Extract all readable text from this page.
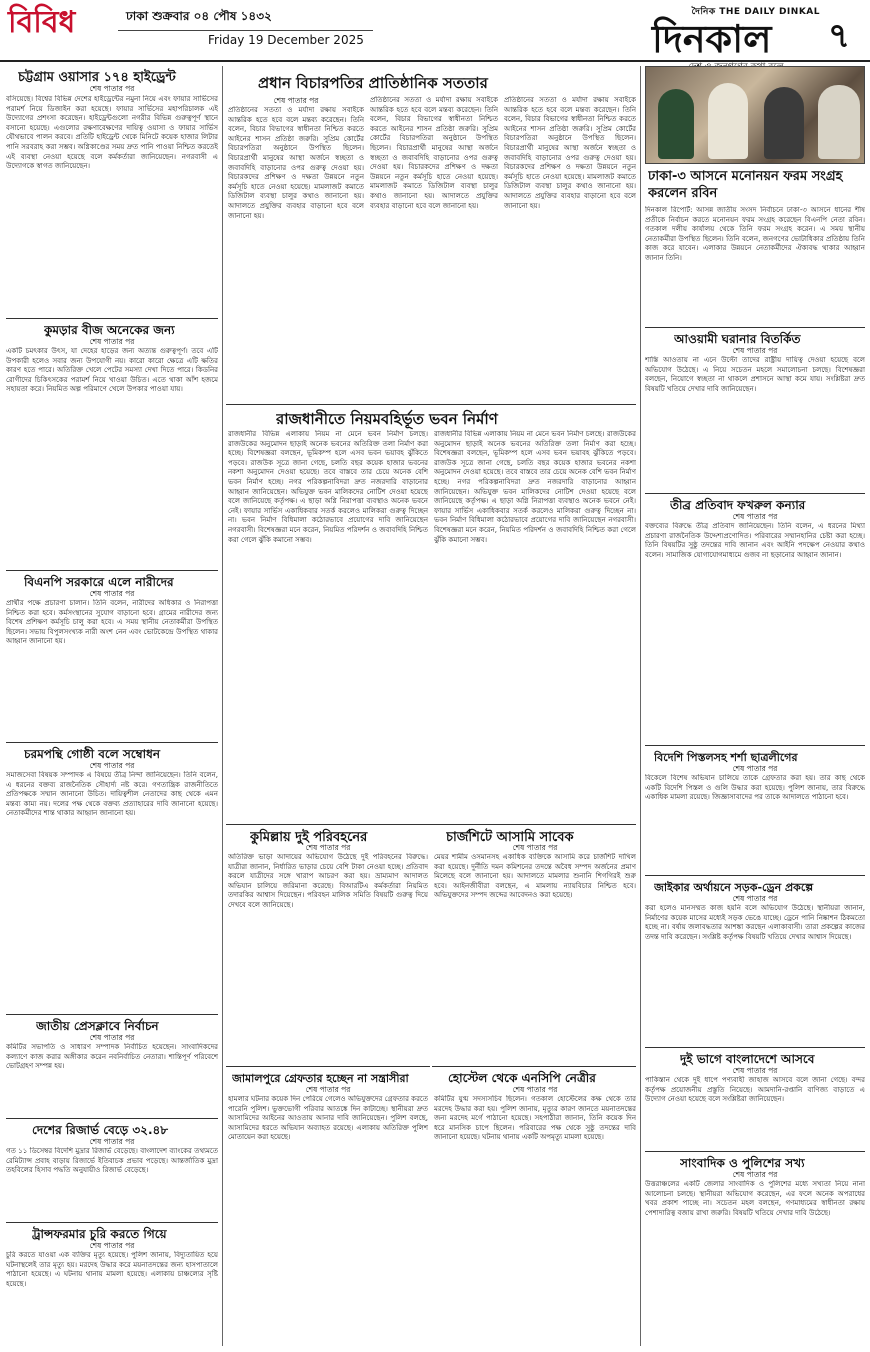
বিবিধ	ঢাকা শুক্রবার ০৪ পৌষ ১৪৩২
Friday 19 December 2025
দৈনিক THE DAILY DINKAL
দিনকাল	৭
চট্টগ্রাম ওয়াসার ১৭৪ হাইড্রেন্ট
শেষ পাতার পর
বসিয়েছে। বিশ্বের বিভিন্ন দেশের হাইড্রেন্টের নমুনা নিয়ে এবং ফায়ার সার্ভিসের পরামর্শ নিয়ে ডিজাইন করা হয়েছে। ফায়ার সার্ভিসের মহাপরিচালক এই উদ্যোগের প্রশংসা করেছেন। হাইড্রেন্টগুলো নগরীর বিভিন্ন গুরুত্বপূর্ণ স্থানে বসানো হয়েছে। এগুলোর রক্ষণাবেক্ষণের দায়িত্ব ওয়াসা ও ফায়ার সার্ভিস যৌথভাবে পালন করবে। প্রতিটি হাইড্রেন্ট থেকে মিনিটে কয়েক হাজার লিটার পানি সরবরাহ করা সম্ভব। অগ্নিকাণ্ডের সময় দ্রুত পানি পাওয়া নিশ্চিত করতেই এই ব্যবস্থা নেওয়া হয়েছে বলে কর্মকর্তারা জানিয়েছেন। নগরবাসী এ উদ্যোগকে স্বাগত জানিয়েছেন।
কুমড়ার বীজ অনেকের জন্য
শেষ পাতার পর
একটি চমৎকার উৎস, যা দেহের হাড়ের জন্য অত্যন্ত গুরুত্বপূর্ণ। তবে এটি উপকারী হলেও সবার জন্য উপযোগী নয়। কারো কারো ক্ষেত্রে এটি ক্ষতির কারণ হতে পারে। অতিরিক্ত খেলে পেটের সমস্যা দেখা দিতে পারে। কিডনির রোগীদের চিকিৎসকের পরামর্শ নিয়ে খাওয়া উচিত। এতে থাকা আঁশ হজমে সহায়তা করে। নিয়মিত অল্প পরিমাণে খেলে উপকার পাওয়া যায়।
বিএনপি সরকারে এলে নারীদের
শেষ পাতার পর
প্রার্থীর পক্ষে প্রচারণা চালান। তিনি বলেন, নারীদের অধিকার ও নিরাপত্তা নিশ্চিত করা হবে। কর্মসংস্থানের সুযোগ বাড়ানো হবে। গ্রামের নারীদের জন্য বিশেষ প্রশিক্ষণ কর্মসূচি চালু করা হবে। এ সময় স্থানীয় নেতাকর্মীরা উপস্থিত ছিলেন। সভায় বিপুলসংখ্যক নারী অংশ নেন এবং ভোটকেন্দ্রে উপস্থিত থাকার আহ্বান জানানো হয়।
চরমপন্থি গোষ্ঠী বলে সম্বোধন
শেষ পাতার পর
সমাজসেবা বিষয়ক সম্পাদক এ বিষয়ে তীব্র নিন্দা জানিয়েছেন। তিনি বলেন, এ ধরনের বক্তব্য রাজনৈতিক সৌহার্দ্য নষ্ট করে। গণতান্ত্রিক রাজনীতিতে প্রতিপক্ষকে সম্মান জানানো উচিত। দায়িত্বশীল নেতাদের কাছ থেকে এমন মন্তব্য কাম্য নয়। দলের পক্ষ থেকে বক্তব্য প্রত্যাহারের দাবি জানানো হয়েছে। নেতাকর্মীদের শান্ত থাকার আহ্বান জানানো হয়।
জাতীয় প্রেসক্লাবে নির্বাচন
শেষ পাতার পর
কমিটির সভাপতি ও সাধারণ সম্পাদক নির্বাচিত হয়েছেন। সাংবাদিকদের কল্যাণে কাজ করার অঙ্গীকার করেন নবনির্বাচিত নেতারা। শান্তিপূর্ণ পরিবেশে ভোটগ্রহণ সম্পন্ন হয়।
দেশের রিজার্ভ বেড়ে ৩২.৪৮
শেষ পাতার পর
গত ১১ ডিসেম্বর বিদেশি মুদ্রার রিজার্ভ বেড়েছে। বাংলাদেশ ব্যাংকের তথ্যমতে রেমিট্যান্স প্রবাহ বাড়ায় রিজার্ভে ইতিবাচক প্রভাব পড়েছে। আন্তর্জাতিক মুদ্রা তহবিলের হিসাব পদ্ধতি অনুযায়ীও রিজার্ভ বেড়েছে।
ট্রান্সফরমার চুরি করতে গিয়ে
শেষ পাতার পর
চুরি করতে যাওয়া এক ব্যক্তির মৃত্যু হয়েছে। পুলিশ জানায়, বিদ্যুতায়িত হয়ে ঘটনাস্থলেই তার মৃত্যু হয়। মরদেহ উদ্ধার করে ময়নাতদন্তের জন্য হাসপাতালে পাঠানো হয়েছে। এ ঘটনায় থানায় মামলা হয়েছে। এলাকায় চাঞ্চল্যের সৃষ্টি হয়েছে।
প্রধান বিচারপতির প্রাতিষ্ঠানিক সততার
শেষ পাতার পর
প্রতিষ্ঠানের সততা ও মর্যাদা রক্ষায় সবাইকে আন্তরিক হতে হবে বলে মন্তব্য করেছেন। তিনি বলেন, বিচার বিভাগের স্বাধীনতা নিশ্চিত করতে আইনের শাসন প্রতিষ্ঠা জরুরি। সুপ্রিম কোর্টের বিচারপতিরা অনুষ্ঠানে উপস্থিত ছিলেন। বিচারপ্রার্থী মানুষের আস্থা অর্জনে স্বচ্ছতা ও জবাবদিহি বাড়ানোর ওপর গুরুত্ব দেওয়া হয়। বিচারকদের প্রশিক্ষণ ও দক্ষতা উন্নয়নে নতুন কর্মসূচি হাতে নেওয়া হয়েছে। মামলাজট কমাতে ডিজিটাল ব্যবস্থা চালুর কথাও জানানো হয়। আদালতে প্রযুক্তির ব্যবহার বাড়ানো হবে বলে জানানো হয়।
প্রতিষ্ঠানের সততা ও মর্যাদা রক্ষায় সবাইকে আন্তরিক হতে হবে বলে মন্তব্য করেছেন। তিনি বলেন, বিচার বিভাগের স্বাধীনতা নিশ্চিত করতে আইনের শাসন প্রতিষ্ঠা জরুরি। সুপ্রিম কোর্টের বিচারপতিরা অনুষ্ঠানে উপস্থিত ছিলেন। বিচারপ্রার্থী মানুষের আস্থা অর্জনে স্বচ্ছতা ও জবাবদিহি বাড়ানোর ওপর গুরুত্ব দেওয়া হয়। বিচারকদের প্রশিক্ষণ ও দক্ষতা উন্নয়নে নতুন কর্মসূচি হাতে নেওয়া হয়েছে। মামলাজট কমাতে ডিজিটাল ব্যবস্থা চালুর কথাও জানানো হয়। আদালতে প্রযুক্তির ব্যবহার বাড়ানো হবে বলে জানানো হয়।
প্রতিষ্ঠানের সততা ও মর্যাদা রক্ষায় সবাইকে আন্তরিক হতে হবে বলে মন্তব্য করেছেন। তিনি বলেন, বিচার বিভাগের স্বাধীনতা নিশ্চিত করতে আইনের শাসন প্রতিষ্ঠা জরুরি। সুপ্রিম কোর্টের বিচারপতিরা অনুষ্ঠানে উপস্থিত ছিলেন। বিচারপ্রার্থী মানুষের আস্থা অর্জনে স্বচ্ছতা ও জবাবদিহি বাড়ানোর ওপর গুরুত্ব দেওয়া হয়। বিচারকদের প্রশিক্ষণ ও দক্ষতা উন্নয়নে নতুন কর্মসূচি হাতে নেওয়া হয়েছে। মামলাজট কমাতে ডিজিটাল ব্যবস্থা চালুর কথাও জানানো হয়। আদালতে প্রযুক্তির ব্যবহার বাড়ানো হবে বলে জানানো হয়।
রাজধানীতে নিয়মবহির্ভূত ভবন নির্মাণ
রাজধানীর বিভিন্ন এলাকায় নিয়ম না মেনে ভবন নির্মাণ চলছে। রাজউকের অনুমোদন ছাড়াই অনেক ভবনের অতিরিক্ত তলা নির্মাণ করা হচ্ছে। বিশেষজ্ঞরা বলছেন, ভূমিকম্প হলে এসব ভবন ভয়াবহ ঝুঁকিতে পড়বে। রাজউক সূত্রে জানা গেছে, চলতি বছর কয়েক হাজার ভবনের নকশা অনুমোদন দেওয়া হয়েছে। তবে বাস্তবে তার চেয়ে অনেক বেশি ভবন নির্মাণ হচ্ছে। নগর পরিকল্পনাবিদরা দ্রুত নজরদারি বাড়ানোর আহ্বান জানিয়েছেন। অভিযুক্ত ভবন মালিকদের নোটিশ দেওয়া হয়েছে বলে জানিয়েছে কর্তৃপক্ষ। এ ছাড়া অগ্নি নিরাপত্তা ব্যবস্থাও অনেক ভবনে নেই। ফায়ার সার্ভিস একাধিকবার সতর্ক করলেও মালিকরা গুরুত্ব দিচ্ছেন না। ভবন নির্মাণ বিধিমালা কঠোরভাবে প্রয়োগের দাবি জানিয়েছেন নগরবাসী। বিশেষজ্ঞরা মনে করেন, নিয়মিত পরিদর্শন ও জবাবদিহি নিশ্চিত করা গেলে ঝুঁকি কমানো সম্ভব।
রাজধানীর বিভিন্ন এলাকায় নিয়ম না মেনে ভবন নির্মাণ চলছে। রাজউকের অনুমোদন ছাড়াই অনেক ভবনের অতিরিক্ত তলা নির্মাণ করা হচ্ছে। বিশেষজ্ঞরা বলছেন, ভূমিকম্প হলে এসব ভবন ভয়াবহ ঝুঁকিতে পড়বে। রাজউক সূত্রে জানা গেছে, চলতি বছর কয়েক হাজার ভবনের নকশা অনুমোদন দেওয়া হয়েছে। তবে বাস্তবে তার চেয়ে অনেক বেশি ভবন নির্মাণ হচ্ছে। নগর পরিকল্পনাবিদরা দ্রুত নজরদারি বাড়ানোর আহ্বান জানিয়েছেন। অভিযুক্ত ভবন মালিকদের নোটিশ দেওয়া হয়েছে বলে জানিয়েছে কর্তৃপক্ষ। এ ছাড়া অগ্নি নিরাপত্তা ব্যবস্থাও অনেক ভবনে নেই। ফায়ার সার্ভিস একাধিকবার সতর্ক করলেও মালিকরা গুরুত্ব দিচ্ছেন না। ভবন নির্মাণ বিধিমালা কঠোরভাবে প্রয়োগের দাবি জানিয়েছেন নগরবাসী। বিশেষজ্ঞরা মনে করেন, নিয়মিত পরিদর্শন ও জবাবদিহি নিশ্চিত করা গেলে ঝুঁকি কমানো সম্ভব।
কুমিল্লায় দুই পরিবহনের
শেষ পাতার পর
অতিরিক্ত ভাড়া আদায়ের অভিযোগ উঠেছে দুই পরিবহনের বিরুদ্ধে। যাত্রীরা জানান, নির্ধারিত ভাড়ার চেয়ে বেশি টাকা নেওয়া হচ্ছে। প্রতিবাদ করলে যাত্রীদের সঙ্গে খারাপ আচরণ করা হয়। ভ্রাম্যমাণ আদালত অভিযান চালিয়ে জরিমানা করেছে। বিআরটিএ কর্মকর্তারা নিয়মিত তদারকির আশ্বাস দিয়েছেন। পরিবহন মালিক সমিতি বিষয়টি গুরুত্ব দিয়ে দেখবে বলে জানিয়েছে।
জামালপুরে গ্রেফতার হচ্ছেন না সন্ত্রাসীরা
শেষ পাতার পর
হামলার ঘটনার কয়েক দিন পেরিয়ে গেলেও অভিযুক্তদের গ্রেফতার করতে পারেনি পুলিশ। ভুক্তভোগী পরিবার আতঙ্কে দিন কাটাচ্ছে। স্থানীয়রা দ্রুত আসামিদের আইনের আওতায় আনার দাবি জানিয়েছেন। পুলিশ বলছে, আসামিদের ধরতে অভিযান অব্যাহত রয়েছে। এলাকায় অতিরিক্ত পুলিশ মোতায়েন করা হয়েছে।
চার্জশিটে আসামি সাবেক
শেষ পাতার পর
মেয়র শামীম ওসমানসহ একাধিক ব্যক্তিকে আসামি করে চার্জশিট দাখিল করা হয়েছে। দুর্নীতি দমন কমিশনের তদন্তে অবৈধ সম্পদ অর্জনের প্রমাণ মিলেছে বলে জানানো হয়। আদালতে মামলার শুনানি শিগগিরই শুরু হবে। আইনজীবীরা বলছেন, এ মামলায় ন্যায়বিচার নিশ্চিত হবে। অভিযুক্তদের সম্পদ জব্দের আবেদনও করা হয়েছে।
হোস্টেল থেকে এনসিপি নেত্রীর
শেষ পাতার পর
কমিটির যুগ্ম সদস্যসচিব ছিলেন। গতকাল হোস্টেলের কক্ষ থেকে তার মরদেহ উদ্ধার করা হয়। পুলিশ জানায়, মৃত্যুর কারণ জানতে ময়নাতদন্তের জন্য মরদেহ মর্গে পাঠানো হয়েছে। সহপাঠীরা জানান, তিনি কয়েক দিন ধরে মানসিক চাপে ছিলেন। পরিবারের পক্ষ থেকে সুষ্ঠু তদন্তের দাবি জানানো হয়েছে। ঘটনায় থানায় একটি অপমৃত্যু মামলা হয়েছে।
ঢাকা-৩ আসনে মনোনয়ন ফরম সংগ্রহ করলেন রবিন
দিনকাল রিপোর্ট: আসন্ন জাতীয় সংসদ নির্বাচনে ঢাকা-৩ আসনে ধানের শীষ প্রতীকে নির্বাচন করতে মনোনয়ন ফরম সংগ্রহ করেছেন বিএনপি নেতা রবিন। গতকাল দলীয় কার্যালয় থেকে তিনি ফরম সংগ্রহ করেন। এ সময় স্থানীয় নেতাকর্মীরা উপস্থিত ছিলেন। তিনি বলেন, জনগণের ভোটাধিকার প্রতিষ্ঠায় তিনি কাজ করে যাবেন। এলাকার উন্নয়নে নেতাকর্মীদের ঐক্যবদ্ধ থাকার আহ্বান জানান তিনি।
আওয়ামী ঘরানার বিতর্কিত
শেষ পাতার পর
শাস্তি আওতায় না এনে উল্টো তাদের রাষ্ট্রীয় দায়িত্ব দেওয়া হয়েছে বলে অভিযোগ উঠেছে। এ নিয়ে সচেতন মহলে সমালোচনা চলছে। বিশেষজ্ঞরা বলছেন, নিয়োগে স্বচ্ছতা না থাকলে প্রশাসনে আস্থা কমে যায়। সংশ্লিষ্টরা দ্রুত বিষয়টি খতিয়ে দেখার দাবি জানিয়েছেন।
তীব্র প্রতিবাদ ফখরুল কন্যার
শেষ পাতার পর
বক্তব্যের বিরুদ্ধে তীব্র প্রতিবাদ জানিয়েছেন। তিনি বলেন, এ ধরনের মিথ্যা প্রচারণা রাজনৈতিক উদ্দেশ্যপ্রণোদিত। পরিবারের সম্মানহানির চেষ্টা করা হচ্ছে। তিনি বিষয়টির সুষ্ঠু তদন্তের দাবি জানান এবং আইনি পদক্ষেপ নেওয়ার কথাও বলেন। সামাজিক যোগাযোগমাধ্যমে গুজব না ছড়ানোর আহ্বান জানান।
বিদেশি পিস্তলসহ শর্শা ছাত্রলীগের
শেষ পাতার পর
বিকেলে বিশেষ অভিযান চালিয়ে তাকে গ্রেফতার করা হয়। তার কাছ থেকে একটি বিদেশি পিস্তল ও গুলি উদ্ধার করা হয়েছে। পুলিশ জানায়, তার বিরুদ্ধে একাধিক মামলা রয়েছে। জিজ্ঞাসাবাদের পর তাকে আদালতে পাঠানো হবে।
জাইকার অর্থায়নে সড়ক-ড্রেন প্রকল্পে
শেষ পাতার পর
করা হলেও মানসম্মত কাজ হয়নি বলে অভিযোগ উঠেছে। স্থানীয়রা জানান, নির্মাণের কয়েক মাসের মধ্যেই সড়ক ভেঙে যাচ্ছে। ড্রেনে পানি নিষ্কাশন ঠিকমতো হচ্ছে না। বর্ষায় জলাবদ্ধতার আশঙ্কা করছেন এলাকাবাসী। তারা প্রকল্পের কাজের তদন্ত দাবি করেছেন। সংশ্লিষ্ট কর্তৃপক্ষ বিষয়টি খতিয়ে দেখার আশ্বাস দিয়েছে।
দুই ভাগে বাংলাদেশে আসবে
শেষ পাতার পর
পাকিস্তান থেকে দুই ধাপে পণ্যবাহী জাহাজ আসবে বলে জানা গেছে। বন্দর কর্তৃপক্ষ প্রয়োজনীয় প্রস্তুতি নিয়েছে। আমদানি-রপ্তানি বাণিজ্য বাড়াতে এ উদ্যোগ নেওয়া হয়েছে বলে সংশ্লিষ্টরা জানিয়েছেন।
সাংবাদিক ও পুলিশের সখ্য
শেষ পাতার পর
উত্তরাঞ্চলের একটি জেলার সাংবাদিক ও পুলিশের মধ্যে সখ্যতা নিয়ে নানা আলোচনা চলছে। স্থানীয়রা অভিযোগ করেছেন, এর ফলে অনেক অপরাধের খবর প্রকাশ পাচ্ছে না। সচেতন মহল বলছেন, গণমাধ্যমের স্বাধীনতা রক্ষায় পেশাদারিত্ব বজায় রাখা জরুরি। বিষয়টি খতিয়ে দেখার দাবি উঠেছে।
